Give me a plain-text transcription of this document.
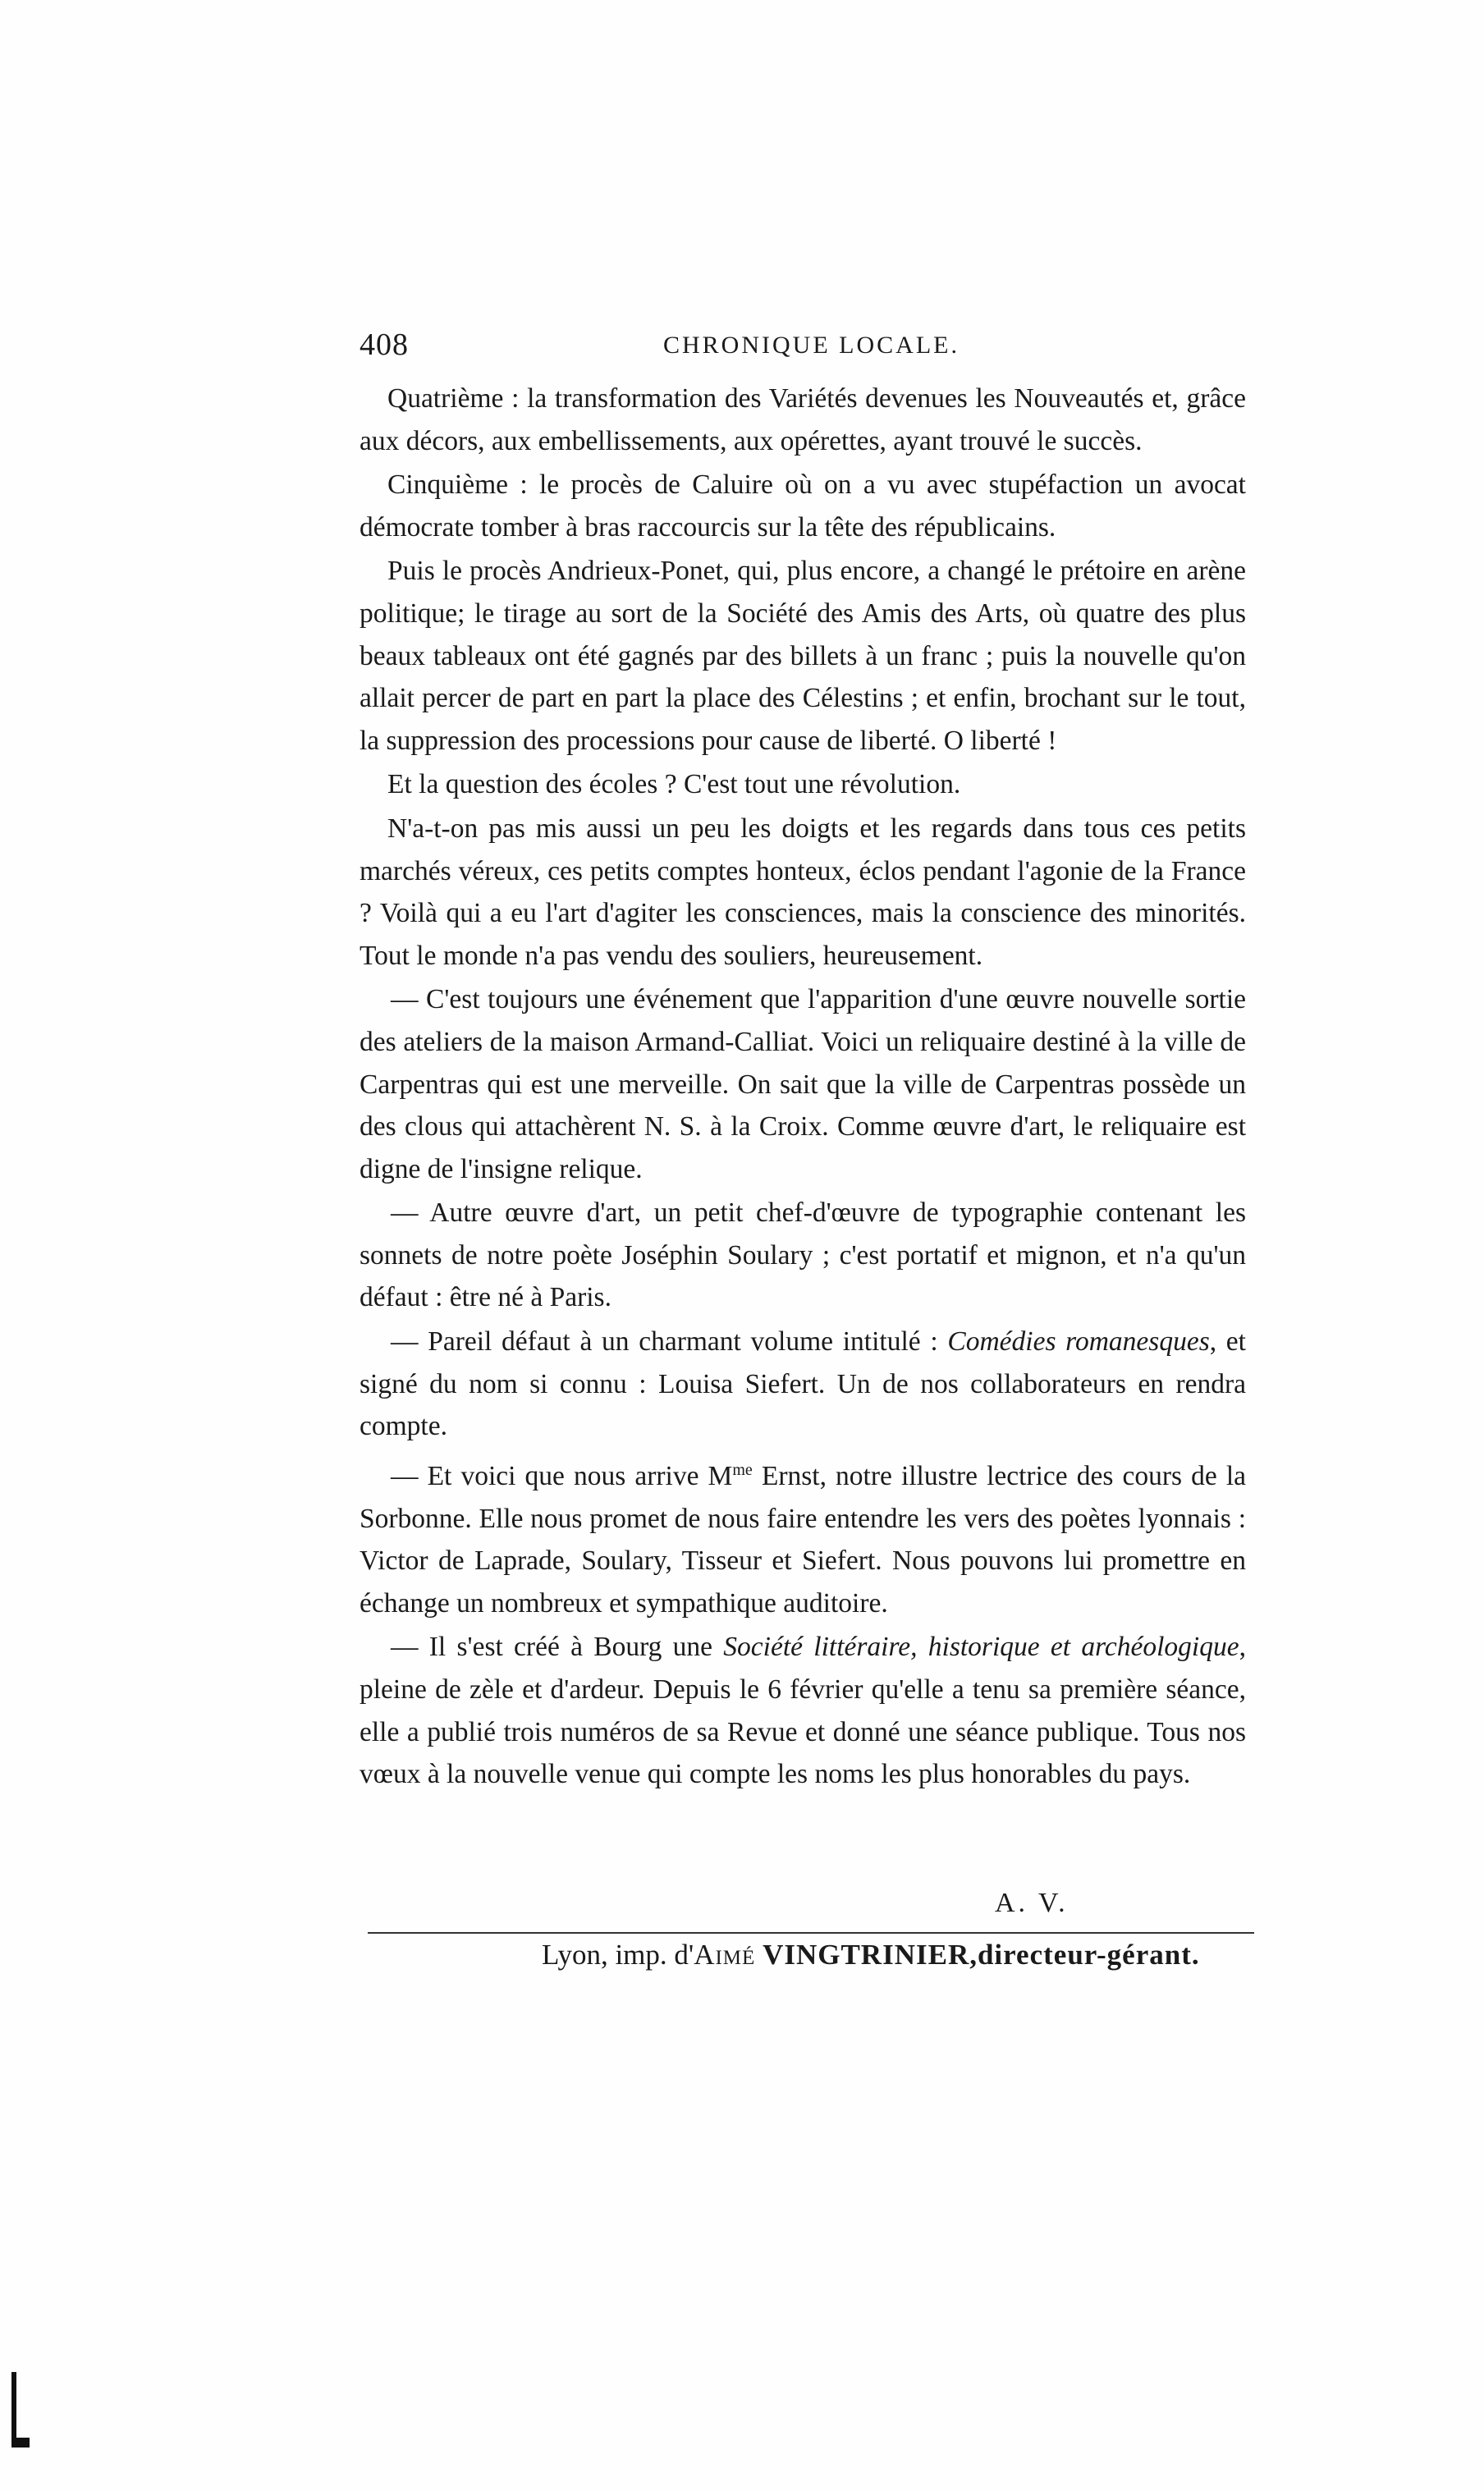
408	CHRONIQUE LOCALE.

Quatrième : la transformation des Variétés devenues les Nouveautés et, grâce aux décors, aux embellissements, aux opérettes, ayant trouvé le succès.

Cinquième : le procès de Caluire où on a vu avec stupéfaction un avocat démocrate tomber à bras raccourcis sur la tête des républicains.

Puis le procès Andrieux-Ponet, qui, plus encore, a changé le prétoire en arène politique; le tirage au sort de la Société des Amis des Arts, où quatre des plus beaux tableaux ont été gagnés par des billets à un franc ; puis la nouvelle qu'on allait percer de part en part la place des Célestins ; et enfin, brochant sur le tout, la suppression des processions pour cause de liberté. O liberté !

Et la question des écoles ? C'est tout une révolution.

N'a-t-on pas mis aussi un peu les doigts et les regards dans tous ces petits marchés véreux, ces petits comptes honteux, éclos pendant l'agonie de la France ? Voilà qui a eu l'art d'agiter les consciences, mais la conscience des minorités. Tout le monde n'a pas vendu des souliers, heureusement.

— C'est toujours une événement que l'apparition d'une œuvre nouvelle sortie des ateliers de la maison Armand-Calliat. Voici un reliquaire destiné à la ville de Carpentras qui est une merveille. On sait que la ville de Carpentras possède un des clous qui attachèrent N. S. à la Croix. Comme œuvre d'art, le reliquaire est digne de l'insigne relique.

— Autre œuvre d'art, un petit chef-d'œuvre de typographie contenant les sonnets de notre poète Joséphin Soulary ; c'est portatif et mignon, et n'a qu'un défaut : être né à Paris.

— Pareil défaut à un charmant volume intitulé : Comédies romanesques, et signé du nom si connu : Louisa Siefert. Un de nos collaborateurs en rendra compte.

— Et voici que nous arrive $M^{me}$ Ernst, notre illustre lectrice des cours de la Sorbonne. Elle nous promet de nous faire entendre les vers des poètes lyonnais : Victor de Laprade, Soulary, Tisseur et Siefert. Nous pouvons lui promettre en échange un nombreux et sympathique auditoire.

— Il s'est créé à Bourg une Société littéraire, historique et archéologique, pleine de zèle et d'ardeur. Depuis le 6 février qu'elle a tenu sa première séance, elle a publié trois numéros de sa Revue et donné une séance publique. Tous nos vœux à la nouvelle venue qui compte les noms les plus honorables du pays.

A. V.
Lyon, imp. d'Aimé VINGTRINIER,directeur-gérant.
